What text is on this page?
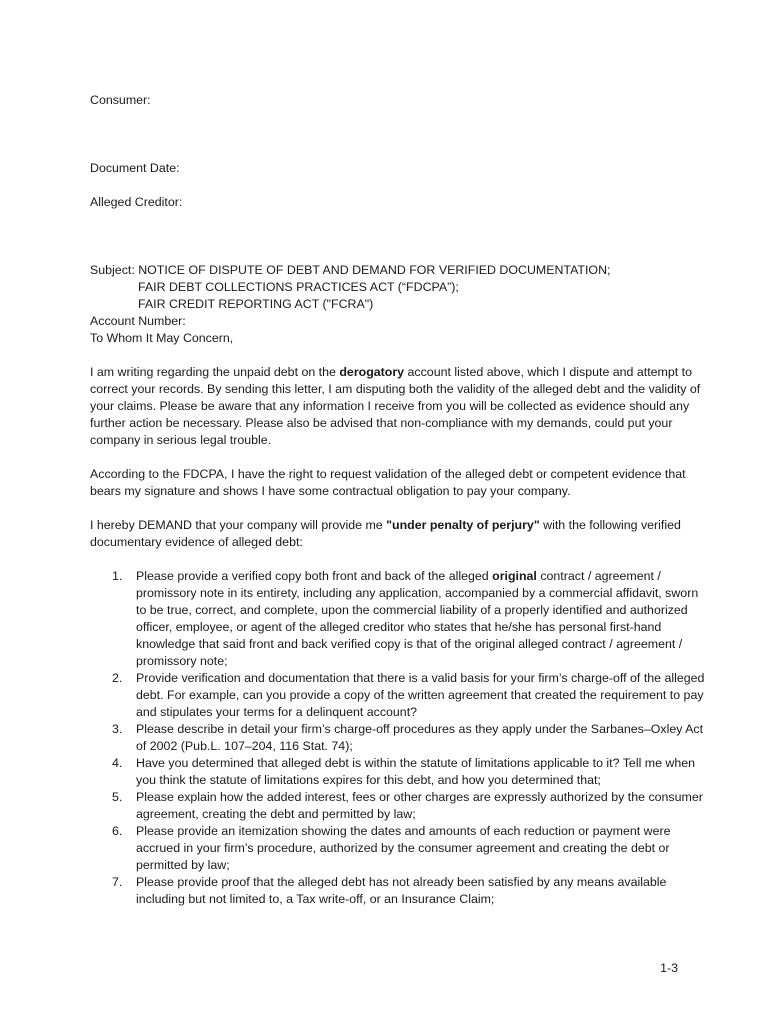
Consumer:
Document Date:
Alleged Creditor:
Subject: NOTICE OF DISPUTE OF DEBT AND DEMAND FOR VERIFIED DOCUMENTATION;
FAIR DEBT COLLECTIONS PRACTICES ACT (“FDCPA”);
FAIR CREDIT REPORTING ACT ("FCRA")
Account Number:

To Whom It May Concern,

I am writing regarding the unpaid debt on the derogatory account listed above, which I dispute and attempt to correct your records. By sending this letter, I am disputing both the validity of the alleged debt and the validity of your claims. Please be aware that any information I receive from you will be collected as evidence should any further action be necessary. Please also be advised that non-compliance with my demands, could put your company in serious legal trouble.

According to the FDCPA, I have the right to request validation of the alleged debt or competent evidence that bears my signature and shows I have some contractual obligation to pay your company.

I hereby DEMAND that your company will provide me "under penalty of perjury" with the following verified documentary evidence of alleged debt:

1. Please provide a verified copy both front and back of the alleged original contract / agreement / promissory note in its entirety, including any application, accompanied by a commercial affidavit, sworn to be true, correct, and complete, upon the commercial liability of a properly identified and authorized officer, employee, or agent of the alleged creditor who states that he/she has personal first-hand knowledge that said front and back verified copy is that of the original alleged contract / agreement / promissory note;
2. Provide verification and documentation that there is a valid basis for your firm’s charge-off of the alleged debt. For example, can you provide a copy of the written agreement that created the requirement to pay and stipulates your terms for a delinquent account?
3. Please describe in detail your firm’s charge-off procedures as they apply under the Sarbanes–Oxley Act of 2002 (Pub.L. 107–204, 116 Stat. 74);
4. Have you determined that alleged debt is within the statute of limitations applicable to it? Tell me when you think the statute of limitations expires for this debt, and how you determined that;
5. Please explain how the added interest, fees or other charges are expressly authorized by the consumer agreement, creating the debt and permitted by law;
6. Please provide an itemization showing the dates and amounts of each reduction or payment were accrued in your firm’s procedure, authorized by the consumer agreement and creating the debt or permitted by law;
7. Please provide proof that the alleged debt has not already been satisfied by any means available including but not limited to, a Tax write-off, or an Insurance Claim;
1-3
